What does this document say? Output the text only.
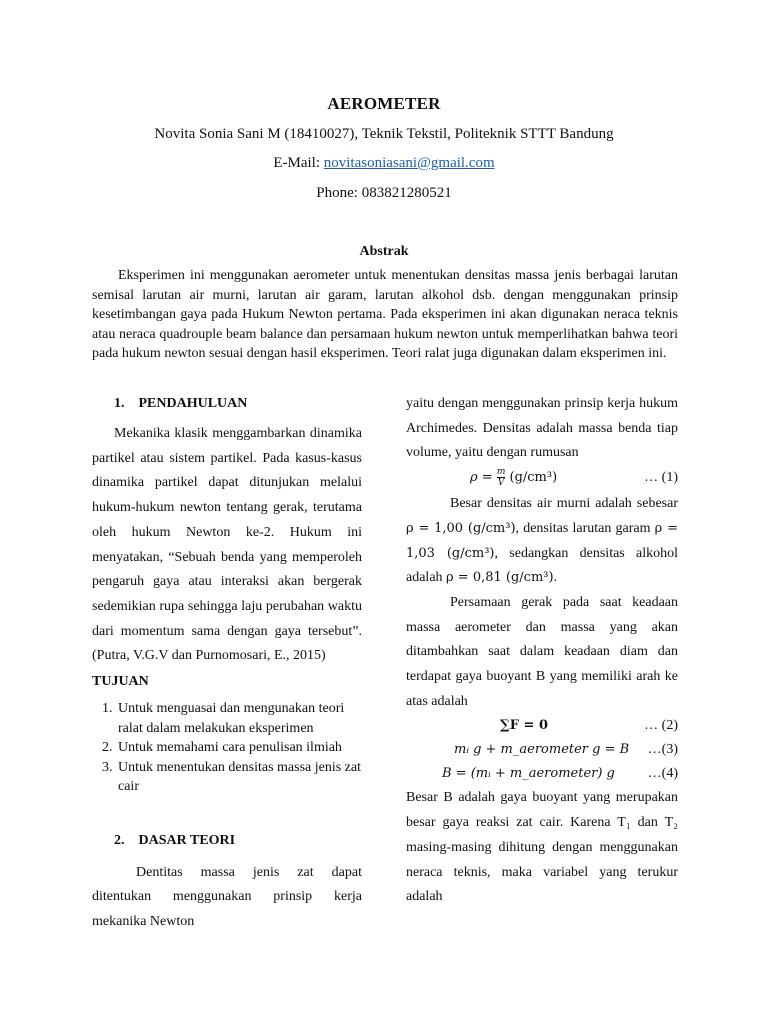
AEROMETER
Novita Sonia Sani M (18410027), Teknik Tekstil, Politeknik STTT Bandung
E-Mail: novitasoniasani@gmail.com
Phone: 083821280521
Abstrak

Eksperimen ini menggunakan aerometer untuk menentukan densitas massa jenis berbagai larutan semisal larutan air murni, larutan air garam, larutan alkohol dsb. dengan menggunakan prinsip kesetimbangan gaya pada Hukum Newton pertama. Pada eksperimen ini akan digunakan neraca teknis atau neraca quadrouple beam balance dan persamaan hukum newton untuk memperlihatkan bahwa teori pada hukum newton sesuai dengan hasil eksperimen. Teori ralat juga digunakan dalam eksperimen ini.

1.    PENDAHULUAN

Mekanika klasik menggambarkan dinamika partikel atau sistem partikel. Pada kasus-kasus dinamika partikel dapat ditunjukan melalui hukum-hukum newton tentang gerak, terutama oleh hukum Newton ke-2. Hukum ini menyatakan, “Sebuah benda yang memperoleh pengaruh gaya atau interaksi akan bergerak sedemikian rupa sehingga laju perubahan waktu dari momentum sama dengan gaya tersebut”. (Putra, V.G.V dan Purnomosari, E., 2015)

TUJUAN

1. Untuk menguasai dan mengunakan teori ralat dalam melakukan eksperimen
2. Untuk memahami cara penulisan ilmiah
3. Untuk menentukan densitas massa jenis zat cair

2.    DASAR TEORI

Dentitas massa jenis zat dapat ditentukan menggunakan prinsip kerja mekanika Newton

yaitu dengan menggunakan prinsip kerja hukum Archimedes. Densitas adalah massa benda tiap volume, yaitu dengan rumusan

$\rho = \frac{m}{V} (g/cm^3)$	… (1)

Besar densitas air murni adalah sebesar ρ = 1,00 (g/cm³), densitas larutan garam ρ = 1,03 (g/cm³), sedangkan densitas alkohol adalah ρ = 0,81 (g/cm³).

Persamaan gerak pada saat keadaan massa aerometer dan massa yang akan ditambahkan saat dalam keadaan diam dan terdapat gaya buoyant B yang memiliki arah ke atas adalah

∑F = 0	… (2)
mᵢ g + m_aerometer g = B …(3)
B = (mᵢ + m_aerometer) g …(4)

Besar B adalah gaya buoyant yang merupakan besar gaya reaksi zat cair. Karena T₁ dan T₂ masing-masing dihitung dengan menggunakan neraca teknis, maka variabel yang terukur adalah
